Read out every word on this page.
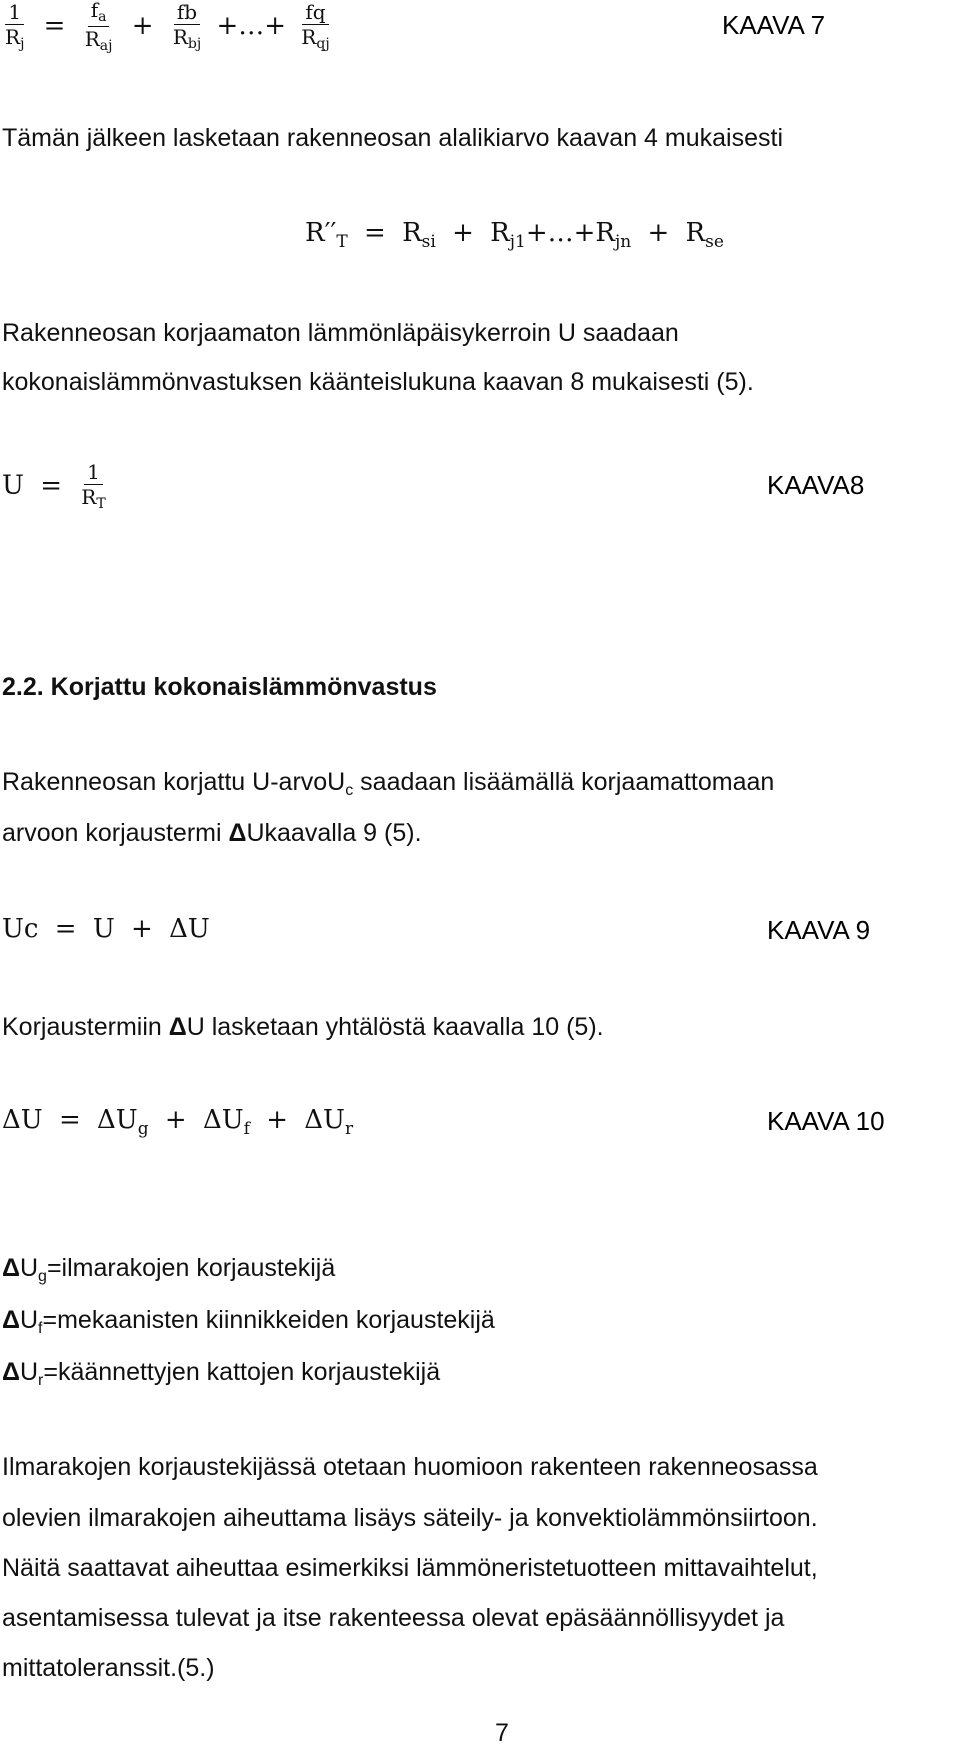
$\frac{1}{R_j} = \frac{f_a}{R_{aj}} + \frac{fb}{R_{bj}}$ +…+ $\frac{fq}{R_{qj}}$	KAAVA 7
Tämän jälkeen lasketaan rakenneosan alalikiarvo kaavan 4 mukaisesti
$R''_T = R_{si}$ + $R_{j1}+\dots+R_{jn} + R_{se}$
Rakenneosan korjaamaton lämmönläpäisykerroin U saadaan
kokonaislämmönvastuksen käänteislukuna kaavan 8 mukaisesti (5).
$U = \frac{1}{R_T}$	KAAVA8
2.2. Korjattu kokonaislämmönvastus
Rakenneosan korjattu U-arvoU$_c$ saadaan lisäämällä korjaamattomaan
arvoon korjaustermi ΔUkaavalla 9 (5).
Uc = U + ΔU	KAAVA 9
Korjaustermiin ΔU lasketaan yhtälöstä kaavalla 10 (5).
$\Delta U = \Delta U_g + \Delta U_f + \Delta U_r$	KAAVA 10
$\Delta U_g=ilmarakojen$ korjaustekijä
$\Delta U_f=mekaanisten$ kiinnikkeiden korjaustekijä
$\Delta U_r=käännettyjen$ kattojen korjaustekijä
Ilmarakojen korjaustekijässä otetaan huomioon rakenteen rakenneosassa
olevien ilmarakojen aiheuttama lisäys säteily- ja konvektiolämmönsiirtoon.
Näitä saattavat aiheuttaa esimerkiksi lämmöneristetuotteen mittavaihtelut,
asentamisessa tulevat ja itse rakenteessa olevat epäsäännöllisyydet ja
mittatoleranssit.(5.)
7
